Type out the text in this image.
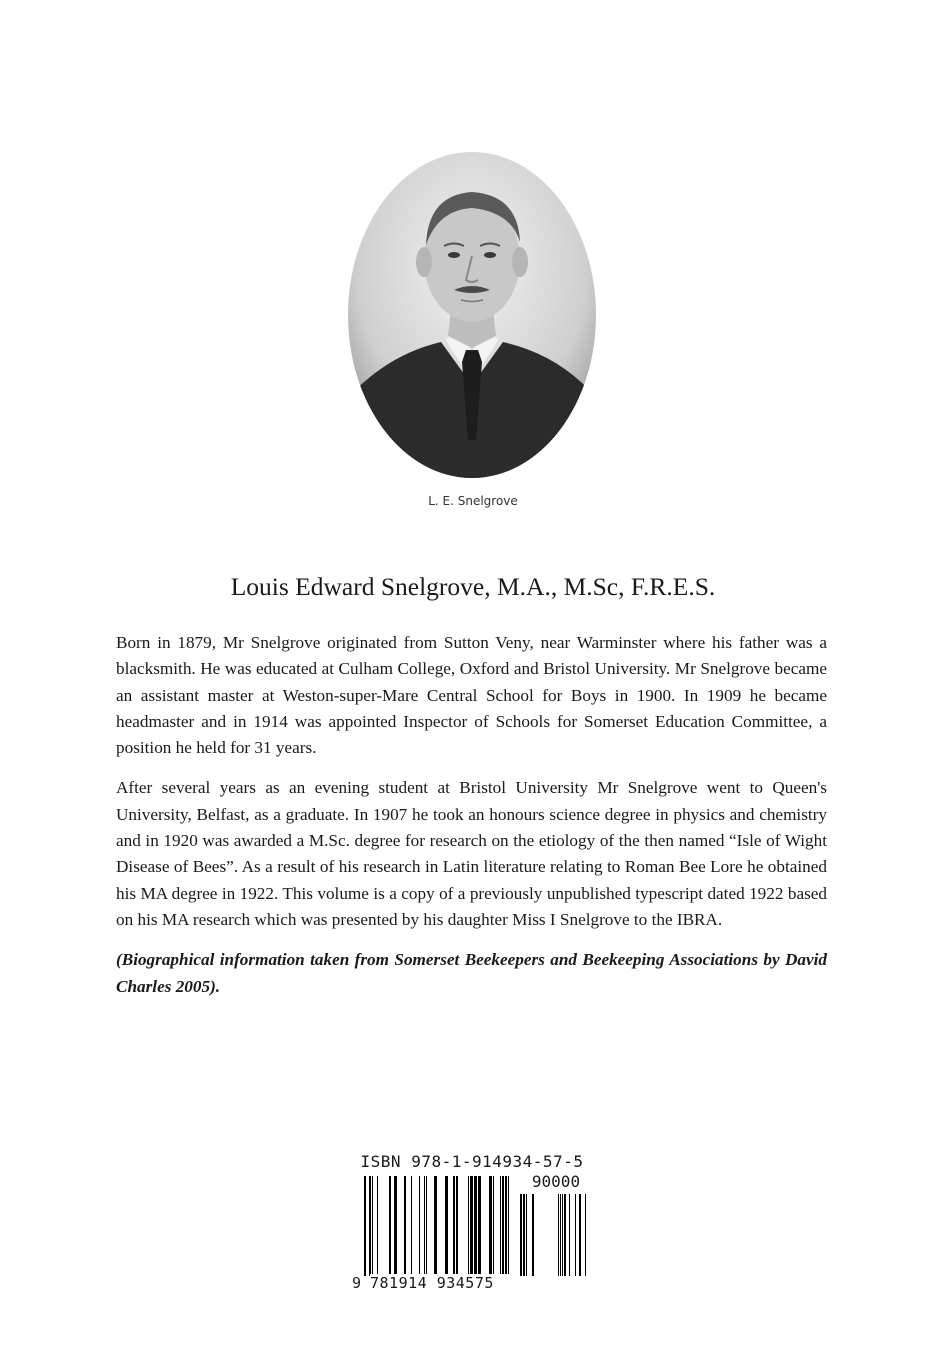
L. E. Snelgrove
Louis Edward Snelgrove, M.A., M.Sc, F.R.E.S.

Born in 1879, Mr Snelgrove originated from Sutton Veny, near Warminster where his father was a blacksmith. He was educated at Culham College, Oxford and Bristol University. Mr Snelgrove became an assistant master at Weston-super-Mare Central School for Boys in 1900. In 1909 he became headmaster and in 1914 was appointed Inspector of Schools for Somerset Education Committee, a position he held for 31 years.

After several years as an evening student at Bristol University Mr Snelgrove went to Queen's University, Belfast, as a graduate. In 1907 he took an honours science degree in physics and chemistry and in 1920 was awarded a M.Sc. degree for research on the etiology of the then named “Isle of Wight Disease of Bees”. As a result of his research in Latin literature relating to Roman Bee Lore he obtained his MA degree in 1922. This volume is a copy of a previously unpublished typescript dated 1922 based on his MA research which was presented by his daughter Miss I Snelgrove to the IBRA.

(Biographical information taken from Somerset Beekeepers and Beekeeping Associations by David Charles 2005).

ISBN 978-1-914934-57-5
90000
9 781914 934575
